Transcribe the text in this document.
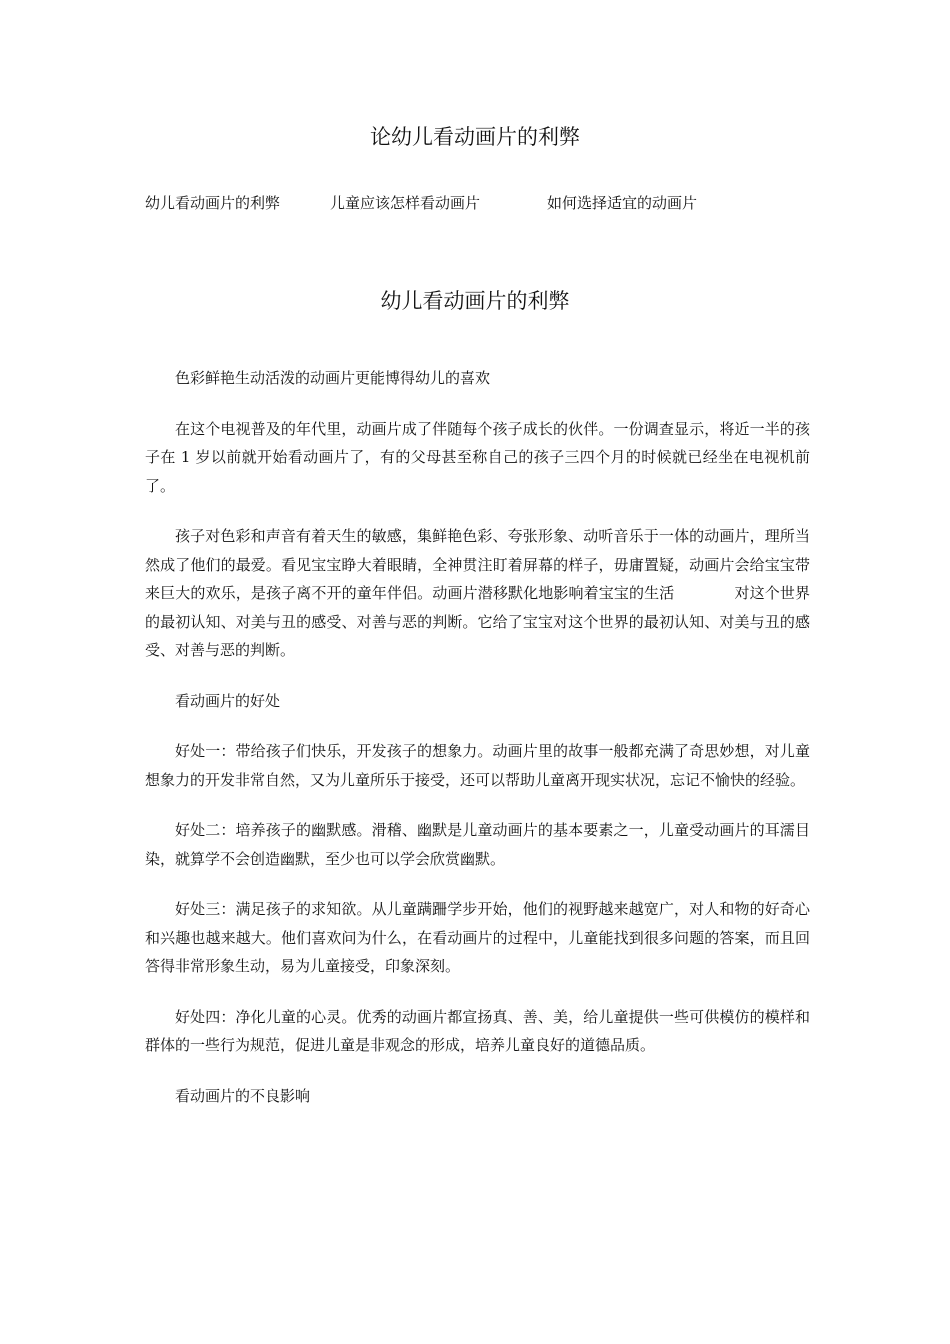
论幼儿看动画片的利弊
幼儿看动画片的利弊	儿童应该怎样看动画片	如何选择适宜的动画片
幼儿看动画片的利弊

色彩鲜艳生动活泼的动画片更能博得幼儿的喜欢

在这个电视普及的年代里，动画片成了伴随每个孩子成长的伙伴。一份调查显示，将近一半的孩子在 1 岁以前就开始看动画片了，有的父母甚至称自己的孩子三四个月的时候就已经坐在电视机前了。

孩子对色彩和声音有着天生的敏感，集鲜艳色彩、夸张形象、动听音乐于一体的动画片，理所当然成了他们的最爱。看见宝宝睁大着眼睛，全神贯注盯着屏幕的样子，毋庸置疑，动画片会给宝宝带来巨大的欢乐，是孩子离不开的童年伴侣。动画片潜移默化地影响着宝宝的生活	对这个世界的最初认知、对美与丑的感受、对善与恶的判断。它给了宝宝对这个世界的最初认知、对美与丑的感受、对善与恶的判断。

看动画片的好处

好处一：带给孩子们快乐，开发孩子的想象力。动画片里的故事一般都充满了奇思妙想，对儿童想象力的开发非常自然，又为儿童所乐于接受，还可以帮助儿童离开现实状况，忘记不愉快的经验。

好处二：培养孩子的幽默感。滑稽、幽默是儿童动画片的基本要素之一，儿童受动画片的耳濡目染，就算学不会创造幽默，至少也可以学会欣赏幽默。

好处三：满足孩子的求知欲。从儿童蹒跚学步开始，他们的视野越来越宽广，对人和物的好奇心和兴趣也越来越大。他们喜欢问为什么，在看动画片的过程中，儿童能找到很多问题的答案，而且回答得非常形象生动，易为儿童接受，印象深刻。

好处四：净化儿童的心灵。优秀的动画片都宣扬真、善、美，给儿童提供一些可供模仿的模样和群体的一些行为规范，促进儿童是非观念的形成，培养儿童良好的道德品质。

看动画片的不良影响
